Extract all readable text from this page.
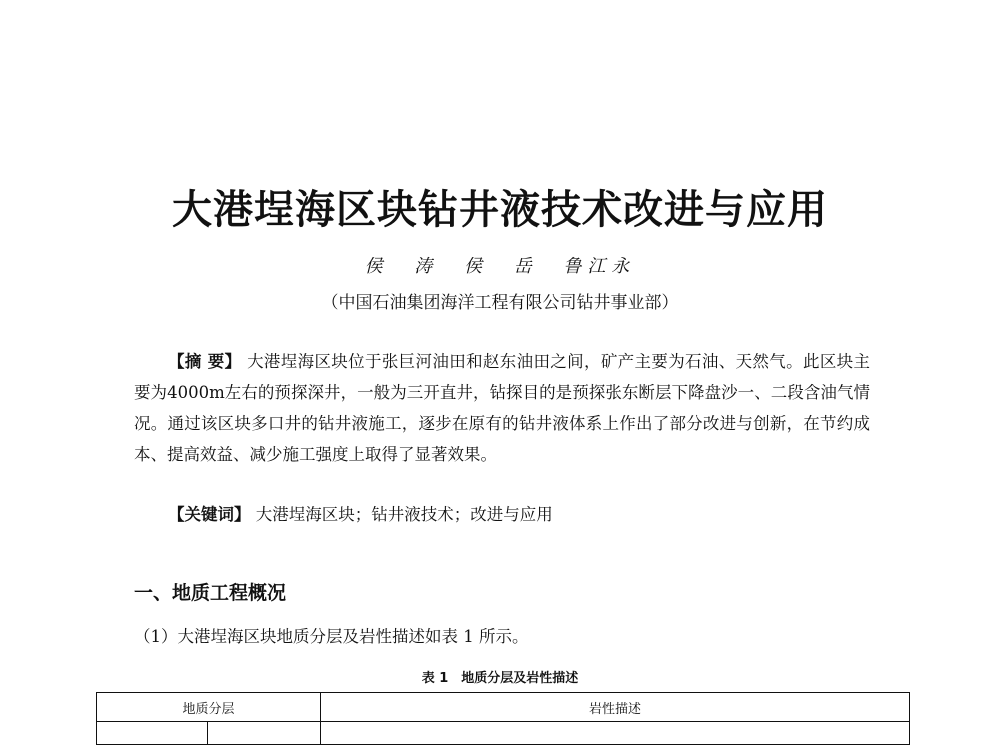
大港埕海区块钻井液技术改进与应用
侯 涛 侯 岳 鲁江永
（中国石油集团海洋工程有限公司钻井事业部）

【摘 要】 大港埕海区块位于张巨河油田和赵东油田之间，矿产主要为石油、天然气。此区块主要为4000m左右的预探深井，一般为三开直井，钻探目的是预探张东断层下降盘沙一、二段含油气情况。通过该区块多口井的钻井液施工，逐步在原有的钻井液体系上作出了部分改进与创新，在节约成本、提高效益、减少施工强度上取得了显著效果。

【关键词】 大港埕海区块；钻井液技术；改进与应用

一、地质工程概况

（1）大港埕海区块地质分层及岩性描述如表 1 所示。

表 1　地质分层及岩性描述
地质分层		岩性描述
